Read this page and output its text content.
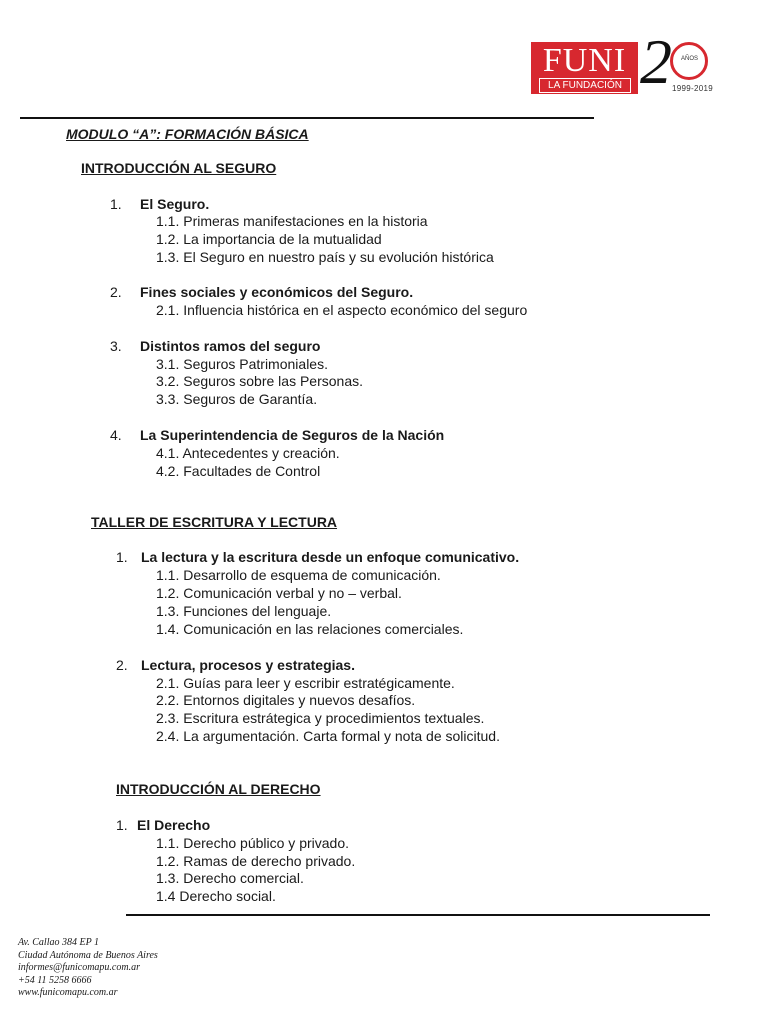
FUNI
LA FUNDACIÓN 2 AÑOS
1999-2019
MODULO “A”: FORMACIÓN BÁSICA
INTRODUCCIÓN AL SEGURO
1. El Seguro.
1.1. Primeras manifestaciones en la historia
1.2. La importancia de la mutualidad
1.3. El Seguro en nuestro país y su evolución histórica
2. Fines sociales y económicos del Seguro.
2.1. Influencia histórica en el aspecto económico del seguro
3. Distintos ramos del seguro
3.1. Seguros Patrimoniales.
3.2. Seguros sobre las Personas.
3.3. Seguros de Garantía.
4. La Superintendencia de Seguros de la Nación
4.1. Antecedentes y creación.
4.2. Facultades de Control
TALLER DE ESCRITURA Y LECTURA
1. La lectura y la escritura desde un enfoque comunicativo.
1.1. Desarrollo de esquema de comunicación.
1.2. Comunicación verbal y no – verbal.
1.3. Funciones del lenguaje.
1.4. Comunicación en las relaciones comerciales.
2. Lectura, procesos y estrategias.
2.1. Guías para leer y escribir estratégicamente.
2.2. Entornos digitales y nuevos desafíos.
2.3. Escritura estrátegica y procedimientos textuales.
2.4. La argumentación. Carta formal y nota de solicitud.
INTRODUCCIÓN AL DERECHO
1. El Derecho
1.1. Derecho público y privado.
1.2. Ramas de derecho privado.
1.3. Derecho comercial.
1.4 Derecho social.
Av. Callao 384 EP 1
Ciudad Autónoma de Buenos Aires
informes@funicomapu.com.ar
+54 11 5258 6666
www.funicomapu.com.ar
